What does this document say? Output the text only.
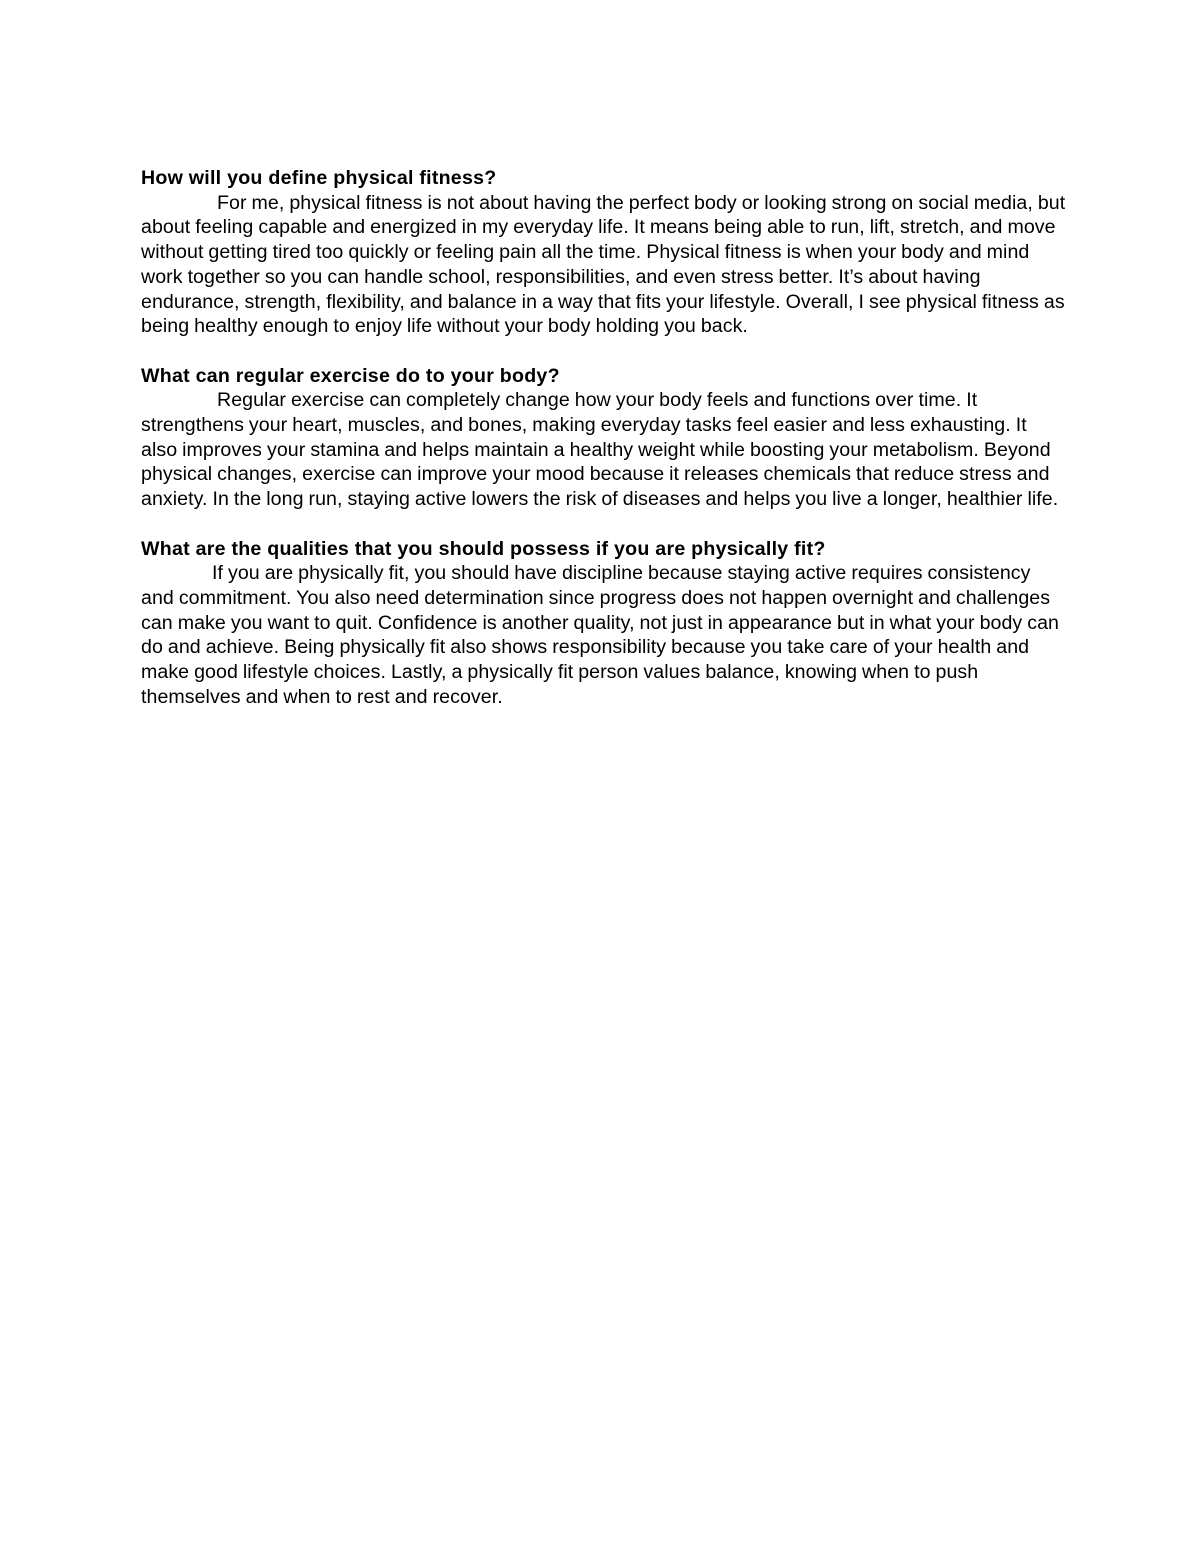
How will you define physical fitness?

For me, physical fitness is not about having the perfect body or looking strong on social media, but about feeling capable and energized in my everyday life. It means being able to run, lift, stretch, and move without getting tired too quickly or feeling pain all the time. Physical fitness is when your body and mind work together so you can handle school, responsibilities, and even stress better. It’s about having endurance, strength, flexibility, and balance in a way that fits your lifestyle. Overall, I see physical fitness as being healthy enough to enjoy life without your body holding you back.

What can regular exercise do to your body?

Regular exercise can completely change how your body feels and functions over time. It strengthens your heart, muscles, and bones, making everyday tasks feel easier and less exhausting. It also improves your stamina and helps maintain a healthy weight while boosting your metabolism. Beyond physical changes, exercise can improve your mood because it releases chemicals that reduce stress and anxiety. In the long run, staying active lowers the risk of diseases and helps you live a longer, healthier life.

What are the qualities that you should possess if you are physically fit?

If you are physically fit, you should have discipline because staying active requires consistency and commitment. You also need determination since progress does not happen overnight and challenges can make you want to quit. Confidence is another quality, not just in appearance but in what your body can do and achieve. Being physically fit also shows responsibility because you take care of your health and make good lifestyle choices. Lastly, a physically fit person values balance, knowing when to push themselves and when to rest and recover.
